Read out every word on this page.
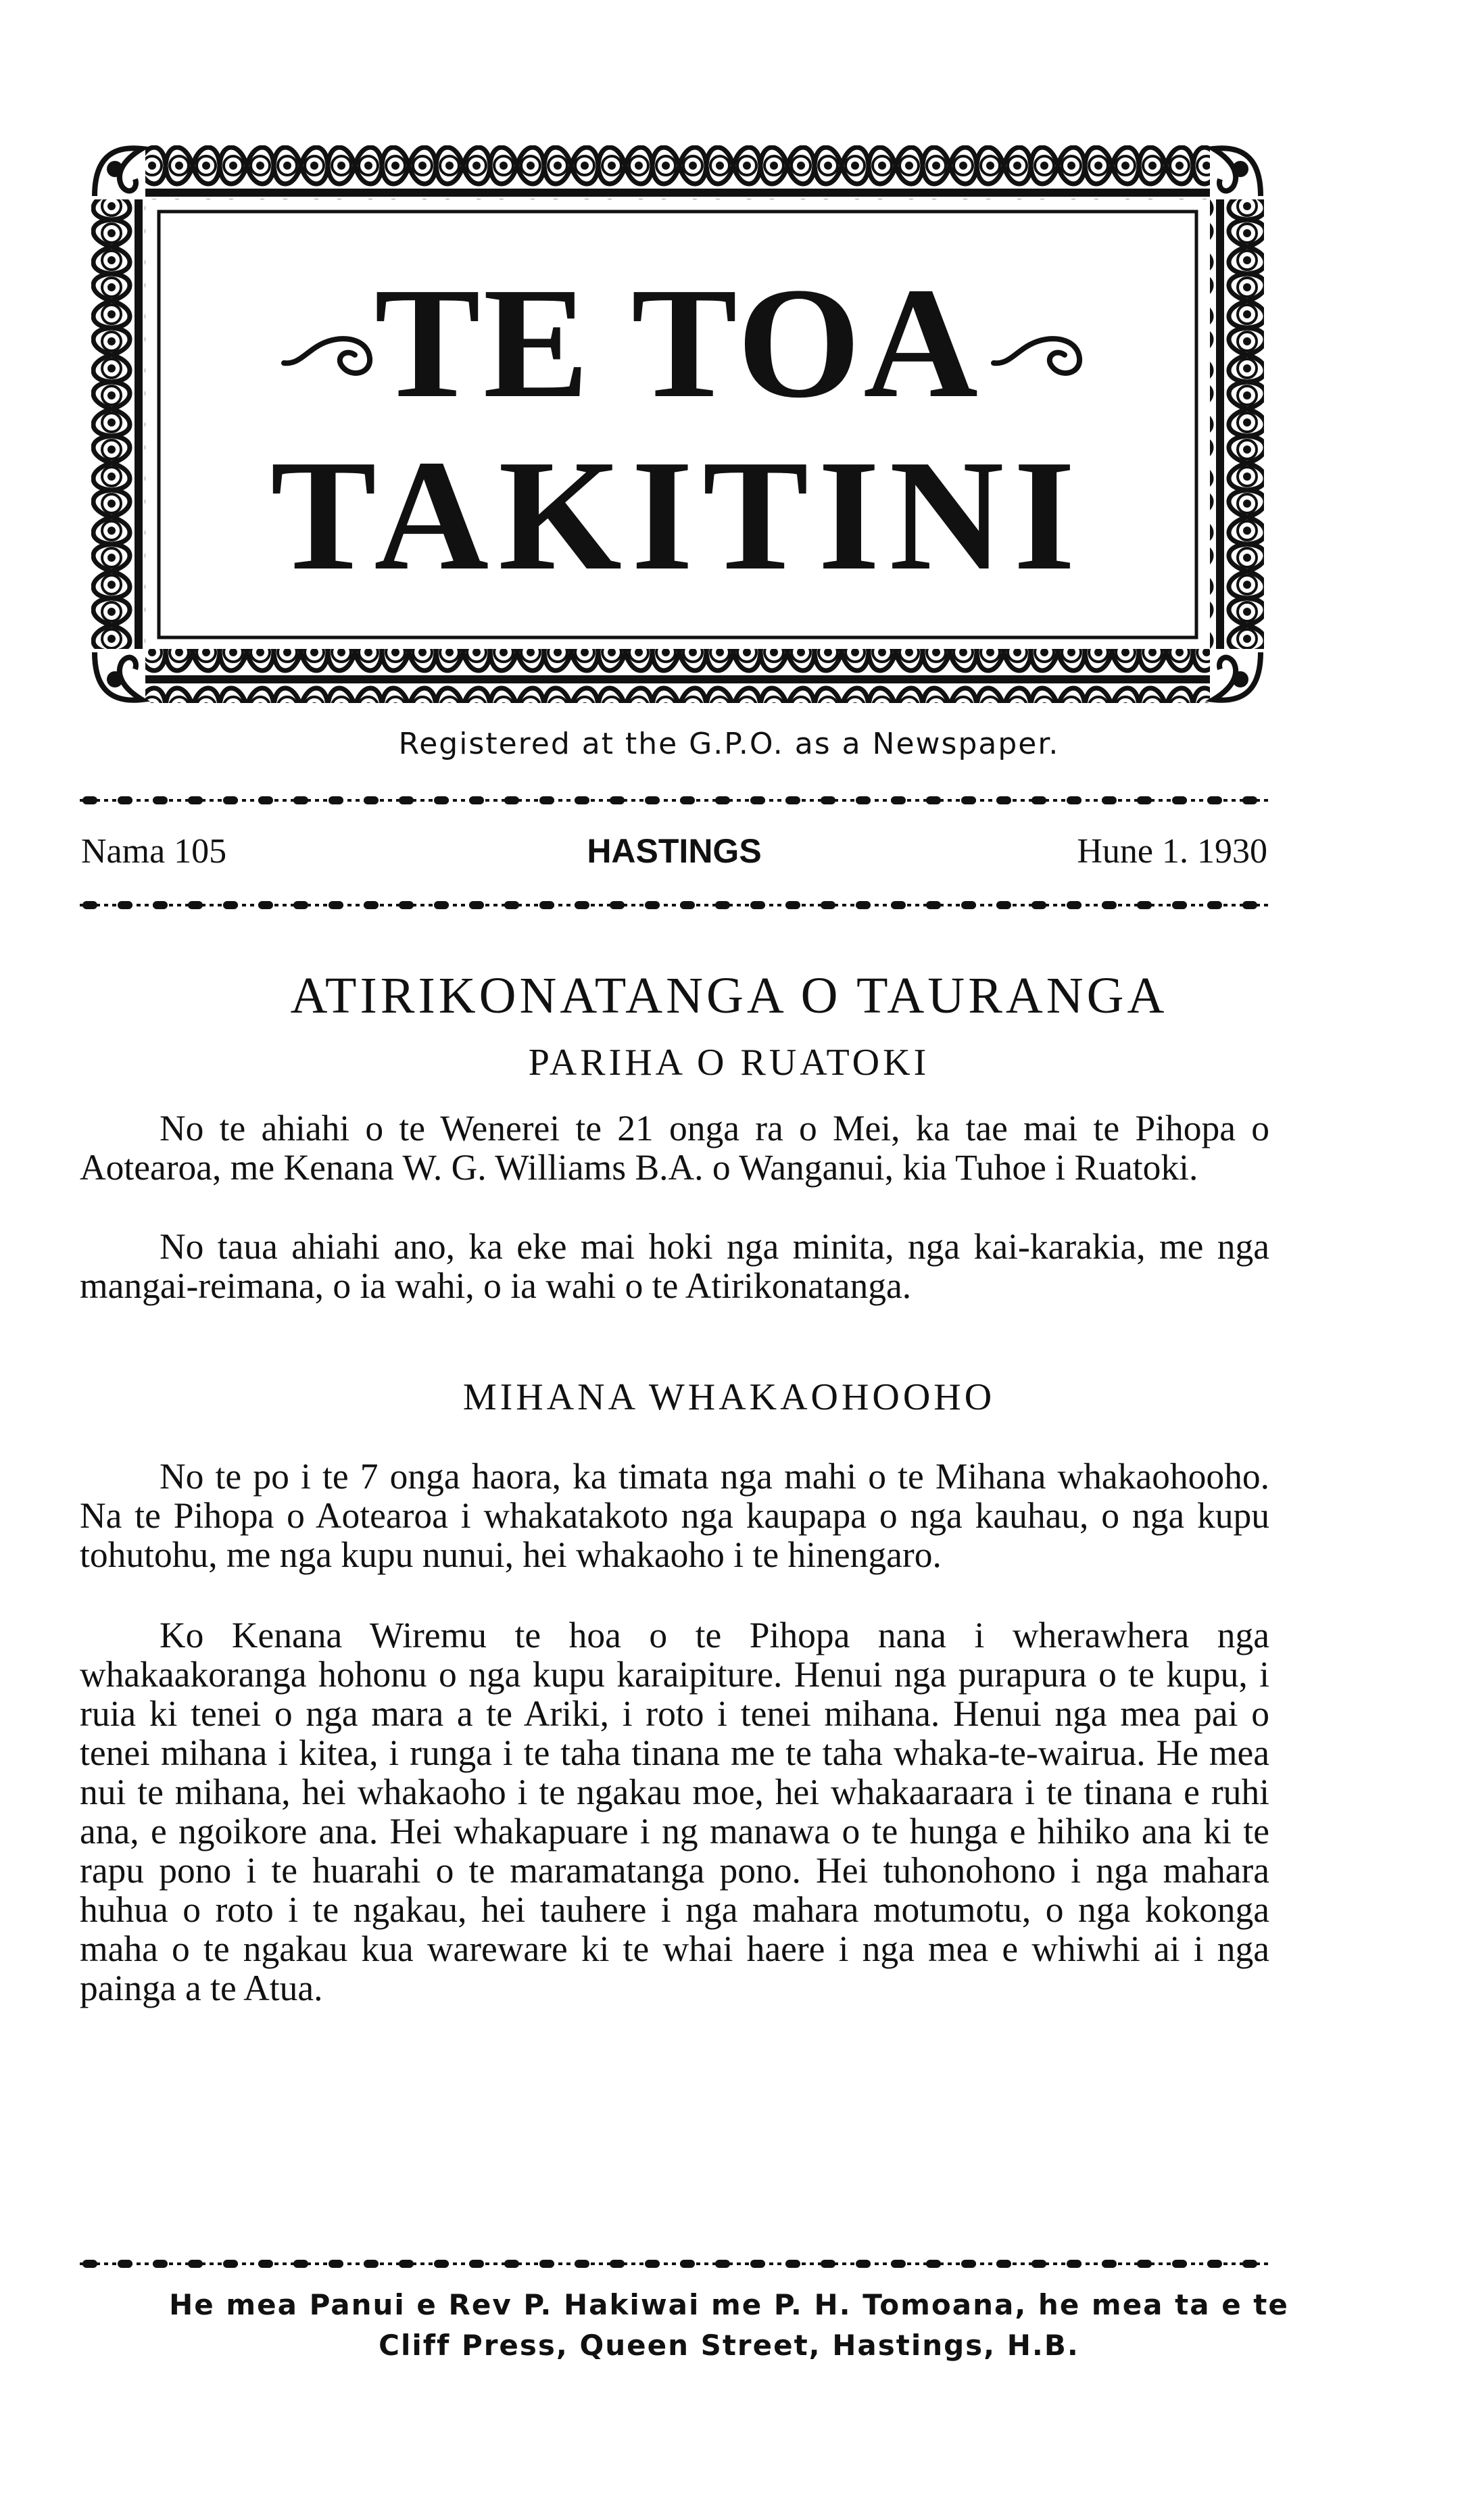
TE TOA
TAKITINI
Registered at the G.P.O. as a Newspaper.
Nama 105	HASTINGS	Hune 1. 1930
ATIRIKONATANGA O TAURANGA
PARIHA O RUATOKI

No te ahiahi o te Wenerei te 21 onga ra o Mei, ka tae mai te Pihopa o Aotearoa, me Kenana W. G. Williams B.A. o Wanganui, kia Tuhoe i Ruatoki.

No taua ahiahi ano, ka eke mai hoki nga minita, nga kai-karakia, me nga mangai-reimana, o ia wahi, o ia wahi o te Atirikonatanga.

MIHANA WHAKAOHOOHO

No te po i te 7 onga haora, ka timata nga mahi o te Mihana whakaohooho. Na te Pihopa o Aotearoa i whakatakoto nga kaupapa o nga kauhau, o nga kupu tohutohu, me nga kupu nunui, hei whakaoho i te hinengaro.

Ko Kenana Wiremu te hoa o te Pihopa nana i wherawhera nga whakaakoranga hohonu o nga kupu karaipiture. Henui nga purapura o te kupu, i ruia ki tenei o nga mara a te Ariki, i roto i tenei mihana. Henui nga mea pai o tenei mihana i kitea, i runga i te taha tinana me te taha whaka-te-wairua. He mea nui te mihana, hei whakaoho i te ngakau moe, hei whakaaraara i te tinana e ruhi ana, e ngoikore ana. Hei whakapuare i ng manawa o te hunga e hihiko ana ki te rapu pono i te huarahi o te maramatanga pono. Hei tuhonohono i nga mahara huhua o roto i te ngakau, hei tauhere i nga mahara motumotu, o nga kokonga maha o te ngakau kua wareware ki te whai haere i nga mea e whiwhi ai i nga painga a te Atua.

He mea Panui e Rev P. Hakiwai me P. H. Tomoana, he mea ta e te
Cliff Press, Queen Street, Hastings, H.B.
